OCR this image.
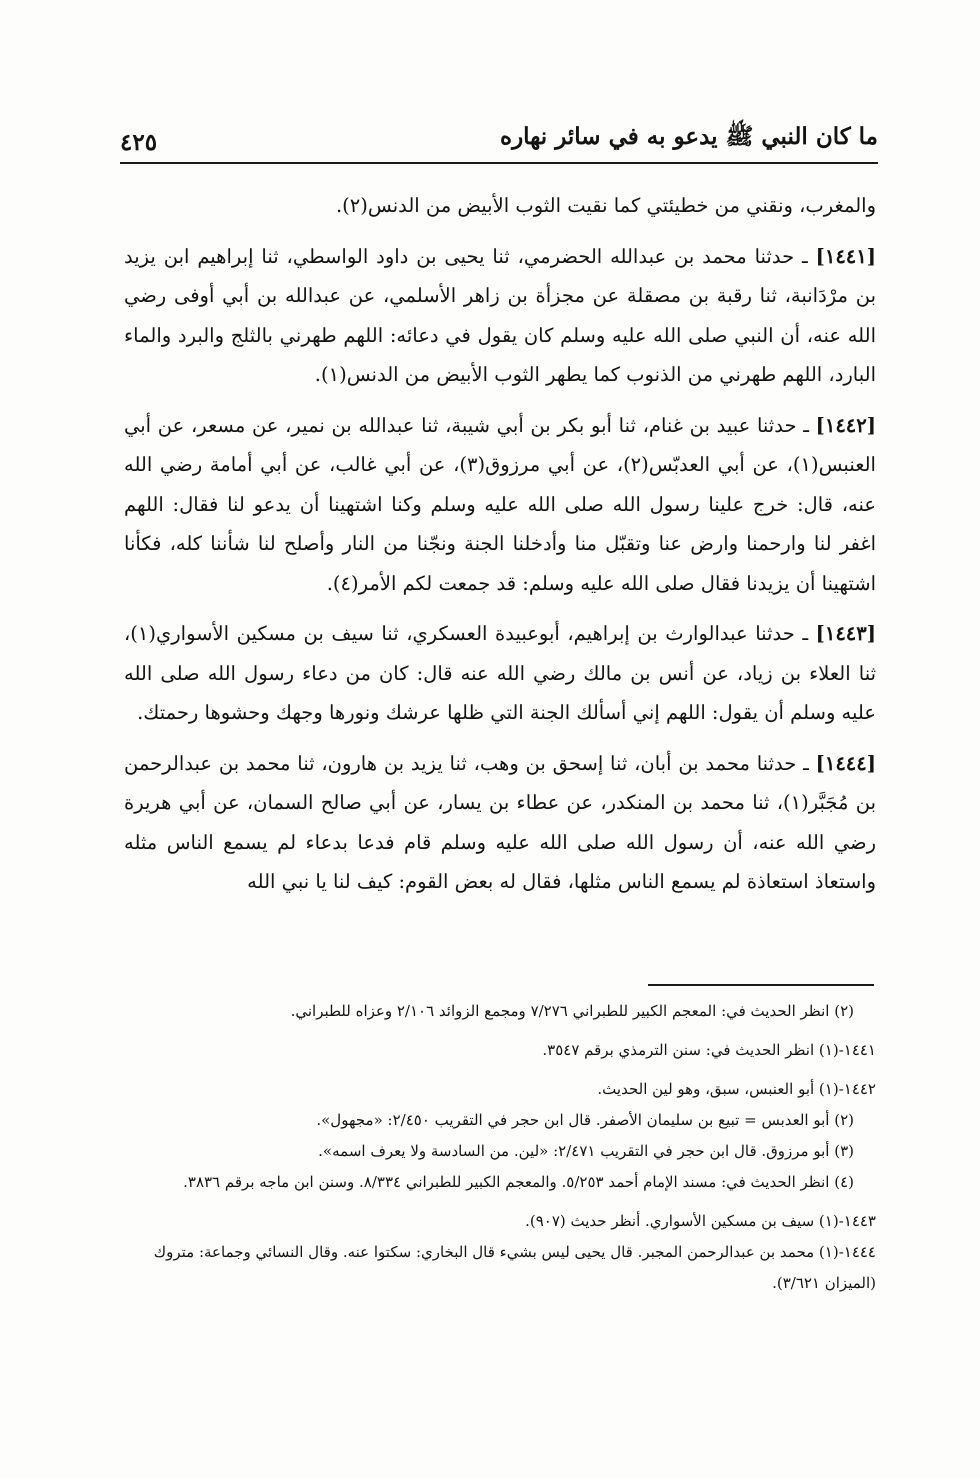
ما كان النبي ﷺ يدعو به في سائر نهاره
٤٢٥

والمغرب، ونقني من خطيئتي كما نقيت الثوب الأبيض من الدنس(٢).

[١٤٤١] ـ حدثنا محمد بن عبدالله الحضرمي، ثنا يحيى بن داود الواسطي، ثنا إبراهيم ابن يزيد بن مرْدَانبة، ثنا رقبة بن مصقلة عن مجزأة بن زاهر الأسلمي، عن عبدالله بن أبي أوفى رضي الله عنه، أن النبي صلى الله عليه وسلم كان يقول في دعائه: اللهم طهرني بالثلج والبرد والماء البارد، اللهم طهرني من الذنوب كما يطهر الثوب الأبيض من الدنس(١).

[١٤٤٢] ـ حدثنا عبيد بن غنام، ثنا أبو بكر بن أبي شيبة، ثنا عبدالله بن نمير، عن مسعر، عن أبي العنبس(١)، عن أبي العدبّس(٢)، عن أبي مرزوق(٣)، عن أبي غالب، عن أبي أمامة رضي الله عنه، قال: خرج علينا رسول الله صلى الله عليه وسلم وكنا اشتهينا أن يدعو لنا فقال: اللهم اغفر لنا وارحمنا وارض عنا وتقبّل منا وأدخلنا الجنة ونجّنا من النار وأصلح لنا شأننا كله، فكأنا اشتهينا أن يزيدنا فقال صلى الله عليه وسلم: قد جمعت لكم الأمر(٤).

[١٤٤٣] ـ حدثنا عبدالوارث بن إبراهيم، أبوعبيدة العسكري، ثنا سيف بن مسكين الأسواري(١)، ثنا العلاء بن زياد، عن أنس بن مالك رضي الله عنه قال: كان من دعاء رسول الله صلى الله عليه وسلم أن يقول: اللهم إني أسألك الجنة التي ظلها عرشك ونورها وجهك وحشوها رحمتك.

[١٤٤٤] ـ حدثنا محمد بن أبان، ثنا إسحق بن وهب، ثنا يزيد بن هارون، ثنا محمد بن عبدالرحمن بن مُجَبَّر(١)، ثنا محمد بن المنكدر، عن عطاء بن يسار، عن أبي صالح السمان، عن أبي هريرة رضي الله عنه، أن رسول الله صلى الله عليه وسلم قام فدعا بدعاء لم يسمع الناس مثله واستعاذ استعاذة لم يسمع الناس مثلها، فقال له بعض القوم: كيف لنا يا نبي الله

(٢) انظر الحديث في: المعجم الكبير للطبراني ٧/٢٧٦ ومجمع الزوائد ٢/١٠٦ وعزاه للطبراني.

١٤٤١-(١) انظر الحديث في: سنن الترمذي برقم ٣٥٤٧.

١٤٤٢-(١) أبو العنبس، سبق، وهو لين الحديث.

(٢) أبو العدبس = تبيع بن سليمان الأصفر. قال ابن حجر في التقريب ٢/٤٥٠: «مجهول».

(٣) أبو مرزوق. قال ابن حجر في التقريب ٢/٤٧١: «لين. من السادسة ولا يعرف اسمه».

(٤) انظر الحديث في: مسند الإمام أحمد ٥/٢٥٣. والمعجم الكبير للطبراني ٨/٣٣٤. وسنن ابن ماجه برقم ٣٨٣٦.

١٤٤٣-(١) سيف بن مسكين الأسواري. أنظر حديث (٩٠٧).

١٤٤٤-(١) محمد بن عبدالرحمن المجبر. قال يحيى ليس بشيء قال البخاري: سكتوا عنه. وقال النسائي وجماعة: متروك (الميزان ٣/٦٢١).
